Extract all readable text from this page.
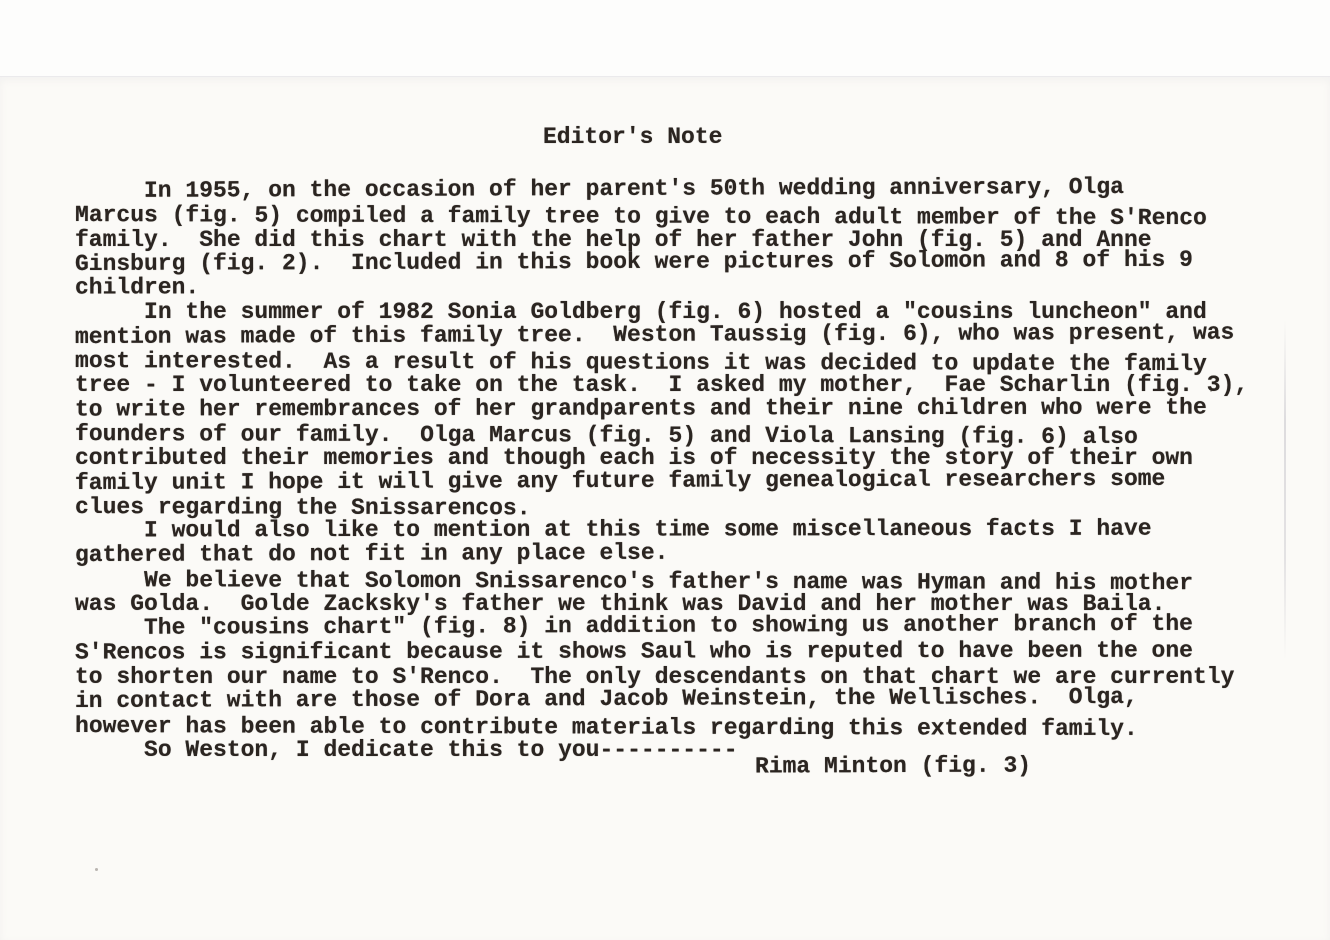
Editor's Note
In 1955, on the occasion of her parent's 50th wedding anniversary, Olga
Marcus (fig. 5) compiled a family tree to give to each adult member of the S'Renco
family.  She did this chart with the help of her father John (fig. 5) and Anne
Ginsburg (fig. 2).  Included in this book were pictures of Solomon and 8 of his 9
children.
In the summer of 1982 Sonia Goldberg (fig. 6) hosted a "cousins luncheon" and
mention was made of this family tree.  Weston Taussig (fig. 6), who was present, was
most interested.  As a result of his questions it was decided to update the family
tree - I volunteered to take on the task.  I asked my mother,  Fae Scharlin (fig. 3),
to write her remembrances of her grandparents and their nine children who were the
founders of our family.  Olga Marcus (fig. 5) and Viola Lansing (fig. 6) also
contributed their memories and though each is of necessity the story of their own
family unit I hope it will give any future family genealogical researchers some
clues regarding the Snissarencos.
I would also like to mention at this time some miscellaneous facts I have
gathered that do not fit in any place else.
We believe that Solomon Snissarenco's father's name was Hyman and his mother
was Golda.  Golde Zacksky's father we think was David and her mother was Baila.
The "cousins chart" (fig. 8) in addition to showing us another branch of the
S'Rencos is significant because it shows Saul who is reputed to have been the one
to shorten our name to S'Renco.  The only descendants on that chart we are currently
in contact with are those of Dora and Jacob Weinstein, the Wellisches.  Olga,
however has been able to contribute materials regarding this extended family.
So Weston, I dedicate this to you----------
Rima Minton (fig. 3)
